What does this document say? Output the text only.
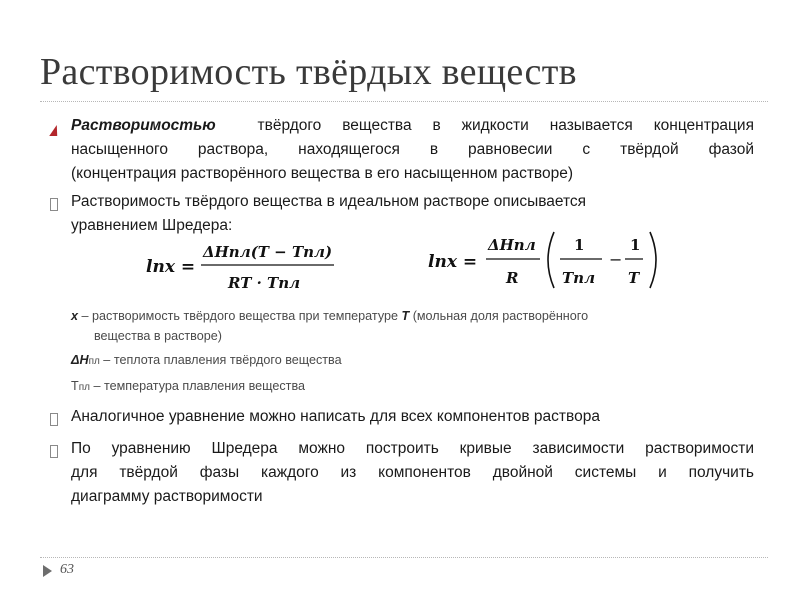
Растворимость твёрдых веществ
Растворимостью	твёрдого вещества в жидкости называется концентрация
насыщенного раствора, находящегося в равновесии с твёрдой фазой
(концентрация растворённого вещества в его насыщенном растворе)
Растворимость твёрдого вещества в идеальном растворе описывается
уравнением Шредера:
lnx =
ΔHпл(T − Tпл)
RT · Tпл
lnx =
ΔHпл
R
1
Tпл
−
1
T
x – растворимость твёрдого вещества при температуре T (мольная доля растворённого
вещества в растворе)
ΔHпл – теплота плавления твёрдого вещества
Tпл – температура плавления вещества
Аналогичное уравнение можно написать для всех компонентов раствора
По уравнению Шредера можно построить кривые зависимости растворимости
для твёрдой фазы каждого из компонентов двойной системы и получить
диаграмму растворимости
63
